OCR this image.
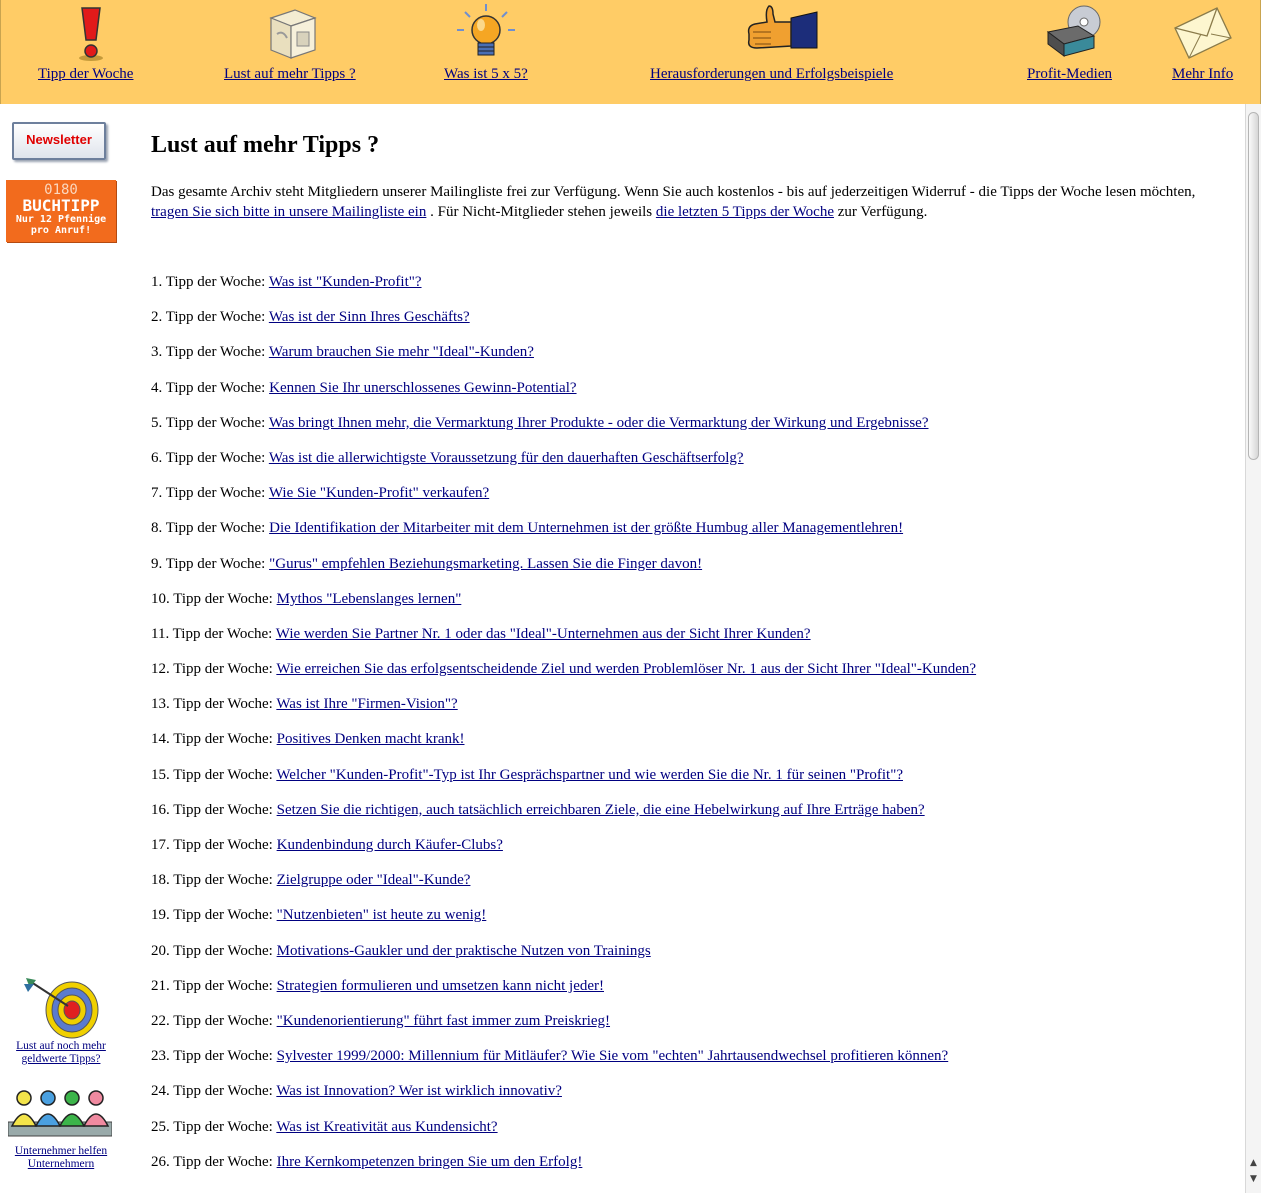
Tipp der Woche	Lust auf mehr Tipps ?	Was ist 5 x 5?	Herausforderungen und Erfolgsbeispiele	Profit-Medien	Mehr Info
Newsletter
0180
BUCHTIPP
Nur 12 Pfennige
pro Anruf!
Lust auf noch mehr geldwerte Tipps?
Unternehmer helfen Unternehmern
Lust auf mehr Tipps ?
Das gesamte Archiv steht Mitgliedern unserer Mailingliste frei zur Verfügung. Wenn Sie auch kostenlos - bis auf jederzeitigen Widerruf - die Tipps der Woche lesen möchten, tragen Sie sich bitte in unsere Mailingliste ein . Für Nicht-Mitglieder stehen jeweils die letzten 5 Tipps der Woche zur Verfügung.
1. Tipp der Woche: Was ist "Kunden-Profit"?
2. Tipp der Woche: Was ist der Sinn Ihres Geschäfts?
3. Tipp der Woche: Warum brauchen Sie mehr "Ideal"-Kunden?
4. Tipp der Woche: Kennen Sie Ihr unerschlossenes Gewinn-Potential?
5. Tipp der Woche: Was bringt Ihnen mehr, die Vermarktung Ihrer Produkte - oder die Vermarktung der Wirkung und Ergebnisse?
6. Tipp der Woche: Was ist die allerwichtigste Voraussetzung für den dauerhaften Geschäftserfolg?
7. Tipp der Woche: Wie Sie "Kunden-Profit" verkaufen?
8. Tipp der Woche: Die Identifikation der Mitarbeiter mit dem Unternehmen ist der größte Humbug aller Managementlehren!
9. Tipp der Woche: "Gurus" empfehlen Beziehungsmarketing. Lassen Sie die Finger davon!
10. Tipp der Woche: Mythos "Lebenslanges lernen"
11. Tipp der Woche: Wie werden Sie Partner Nr. 1 oder das "Ideal"-Unternehmen aus der Sicht Ihrer Kunden?
12. Tipp der Woche: Wie erreichen Sie das erfolgsentscheidende Ziel und werden Problemlöser Nr. 1 aus der Sicht Ihrer "Ideal"-Kunden?
13. Tipp der Woche: Was ist Ihre "Firmen-Vision"?
14. Tipp der Woche: Positives Denken macht krank!
15. Tipp der Woche: Welcher "Kunden-Profit"-Typ ist Ihr Gesprächspartner und wie werden Sie die Nr. 1 für seinen "Profit"?
16. Tipp der Woche: Setzen Sie die richtigen, auch tatsächlich erreichbaren Ziele, die eine Hebelwirkung auf Ihre Erträge haben?
17. Tipp der Woche: Kundenbindung durch Käufer-Clubs?
18. Tipp der Woche: Zielgruppe oder "Ideal"-Kunde?
19. Tipp der Woche: "Nutzenbieten" ist heute zu wenig!
20. Tipp der Woche: Motivations-Gaukler und der praktische Nutzen von Trainings
21. Tipp der Woche: Strategien formulieren und umsetzen kann nicht jeder!
22. Tipp der Woche: "Kundenorientierung" führt fast immer zum Preiskrieg!
23. Tipp der Woche: Sylvester 1999/2000: Millennium für Mitläufer? Wie Sie vom "echten" Jahrtausendwechsel profitieren können?
24. Tipp der Woche: Was ist Innovation? Wer ist wirklich innovativ?
25. Tipp der Woche: Was ist Kreativität aus Kundensicht?
26. Tipp der Woche: Ihre Kernkompetenzen bringen Sie um den Erfolg!	▲
▼
